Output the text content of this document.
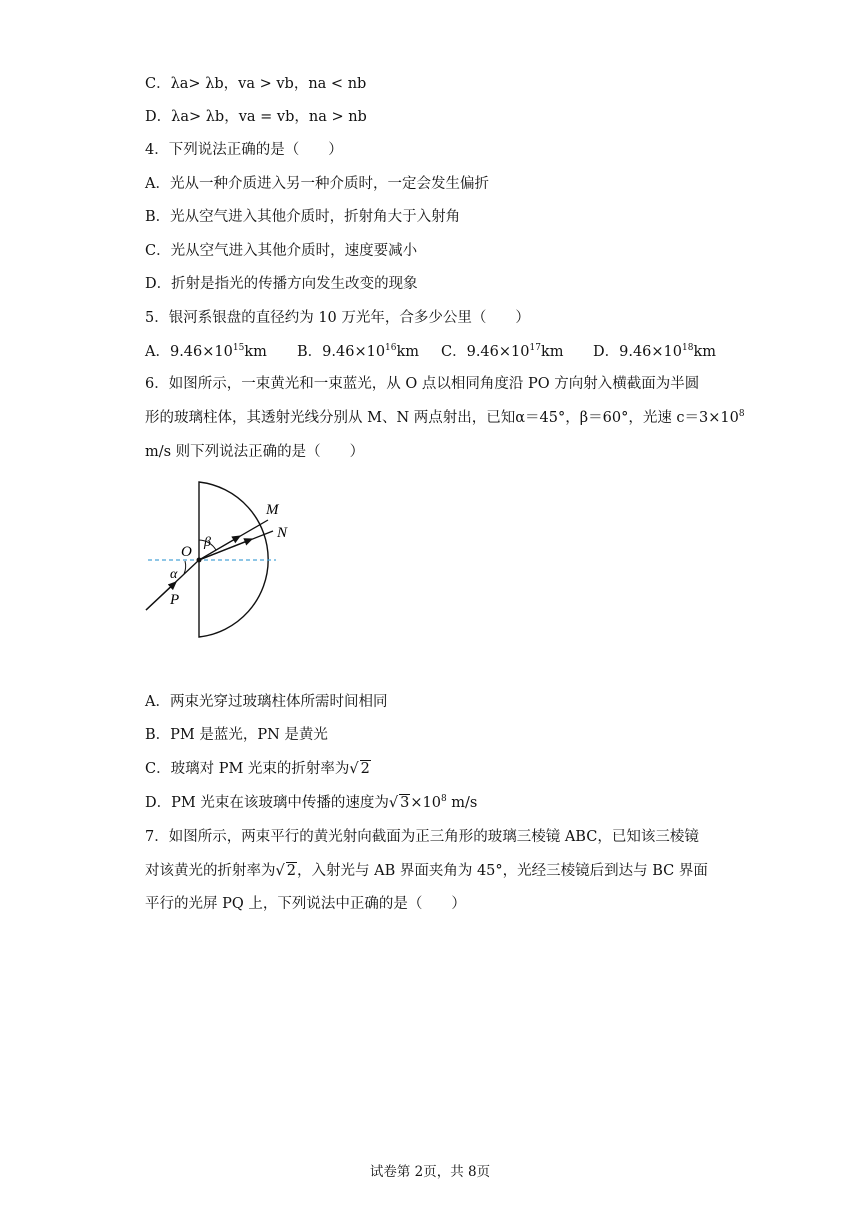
C．λa> λb，va > vb，na < nb
D．λa> λb，va = vb，na > nb
4．下列说法正确的是（　　）
A．光从一种介质进入另一种介质时，一定会发生偏折
B．光从空气进入其他介质时，折射角大于入射角
C．光从空气进入其他介质时，速度要减小
D．折射是指光的传播方向发生改变的现象
5．银河系银盘的直径约为 10 万光年，合多少公里（　　）
A．$9.46\times 10^{15}km$ B．$9.46\times 10^{16}km$ C．$9.46\times 10^{17}km$ D．$9.46\times 10^{18}km$
6．如图所示，一束黄光和一束蓝光，从 O 点以相同角度沿 PO 方向射入横截面为半圆
形的玻璃柱体，其透射光线分别从 M、N 两点射出，已知α＝45°，β＝60°，光速 $c=3\times 10^8$
m/s 则下列说法正确的是（　　）
M
N
O
β
α
P
A．两束光穿过玻璃柱体所需时间相同
B．PM 是蓝光，PN 是黄光
C．玻璃对 PM 光束的折射率为√ 2
D．PM 光束在该玻璃中传播的速度为√ $3\times 10^8$ m/s
7．如图所示，两束平行的黄光射向截面为正三角形的玻璃三棱镜 ABC，已知该三棱镜
对该黄光的折射率为√ 2，入射光与 AB 界面夹角为 45°，光经三棱镜后到达与 BC 界面
平行的光屏 PQ 上，下列说法中正确的是（　　）
试卷第 2页，共 8页
